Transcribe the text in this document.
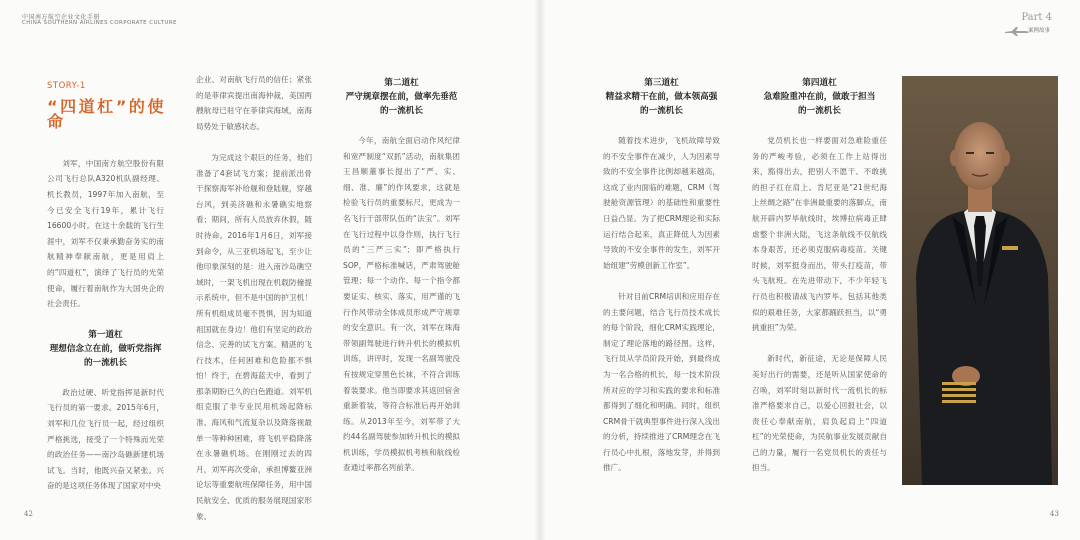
中国南方航空企业文化手册
CHINA SOUTHERN AIRLINES CORPORATE CULTURE	Part 4
案例故事
STORY-1
“四道杠”的使命

刘军，中国南方航空股份有限公司飞行总队A320机队副经理、机长教员，1997年加入南航，至今已安全飞行19年，累计飞行16600小时。在这十余载的飞行生涯中，刘军不仅秉承勤奋务实的南航精神奉献南航，更是用肩上的“四道杠”，演绎了飞行员的光荣使命，履行着南航作为大国央企的社会责任。

第一道杠
理想信念立在前，做听党指挥
的一流机长

政治过硬、听党指挥是新时代飞行员的第一要求。2015年6月，刘军和几位飞行员一起，经过组织严格挑选，接受了一个特殊而光荣的政治任务——南沙岛礁新建机场试飞。当时，他既兴奋又紧张。兴奋的是这项任务体现了国家对中央

企业、对南航飞行员的信任；紧张的是菲律宾提出南海仲裁，美国两艘航母已驻守在菲律宾海域，南海局势处于敏感状态。

为完成这个艰巨的任务，他们准备了4套试飞方案；提前派出骨干探察海军补给舰和登陆舰，穿越台风，到美济礁和永暑礁实地察看；期间，所有人员放弃休假，随时待命。2016年1月6日，刘军接到命令，从三亚机场起飞，至少让他印象深刻的是：进入南沙岛礁空域时，一架飞机出现在机载防撞提示系统中，但不是中国的护卫机！所有机组成员毫不畏惧，因为知道祖国就在身边！他们有坚定的政治信念、完善的试飞方案、精湛的飞行技术，任何困难和危险都不惧怕！终于，在碧海蓝天中，看到了那条期盼已久的白色跑道。刘军机组克服了非专业民用机场起降标准、海风和气流复杂以及降落视最单一等种种困难，将飞机平稳降落在永暑礁机场。在刚刚过去的四月，刘军再次受命，承担博鳌亚洲论坛等重要航班保障任务，用中国民航安全、优质的服务展现国家形象。

第二道杠
严守规章摆在前，做率先垂范
的一流机长

今年，南航全面启动作风纪律和宽严制度“双抓”活动，南航集团王昌顺董事长提出了“严、实、细、准、廉”的作风要求，这就是检验飞行员的重要标尺，更成为一名飞行干部带队伍的“法宝”。刘军在飞行过程中以身作则，执行飞行员的“三严三实”；即严格执行SOP，严格标准喊话，严肃驾驶舱管理；每一个动作、每一个指令都要证实、核实、落实，用严谨的飞行作风带动全体成员形成严守规章的安全意识。有一次，刘军在珠海带领副驾驶进行转升机长的模拟机训练，讲评时，发现一名副驾驶没有按规定穿黑色长袜，不符合训练着装要求。他当即要求其返回宿舍重新着装，等符合标准后再开始训练。从2013年至今，刘军带了大约44名副驾驶参加转升机长的模拟机训练，学员模拟机考核和航线检查通过率都名列前茅。

第三道杠
精益求精干在前，做本领高强
的一流机长

随着技术进步，飞机故障导致的不安全事件在减少，人为因素导致的不安全事件比例却越来越高，这成了业内面临的难题，CRM（驾驶舱资源管理）的基础性和重要性日益凸显。为了把CRM理论和实际运行结合起来，真正降低人为因素导致的不安全事件的发生，刘军开始组建“劳模创新工作室”。

针对目前CRM培训和应用存在的主要问题，结合飞行员技术成长的每个阶段，细化CRM实践理论，制定了理论落地的路径图。这样，飞行员从学员阶段开始，到最终成为一名合格的机长，每一技术阶段所对应的学习和实践的要求和标准都得到了细化和明确。同时，组织CRM骨干就典型事件进行深入浅出的分析，持续推进了CRM理念在飞行员心中扎根，落地发芽，并得到推广。

第四道杠
急难险重冲在前，做敢于担当
的一流机长

党员机长也一样要面对急难险重任务的严峻考验，必须在工作上站得出来，豁得出去，把别人不愿干、不敢挑的担子扛在肩上。肯尼亚是“21世纪海上丝绸之路”在非洲最重要的落脚点，南航开辟内罗毕航线时，埃博拉病毒正肆虐整个非洲大陆，飞这条航线不仅航线本身艰苦，还必须克服病毒疫苗。关键时候，刘军挺身而出，带头打疫苗，带头飞航班。在先进带动下，不少年轻飞行员也积极请战飞内罗毕。包括其他类似的艰难任务，大家都踊跃担当，以“勇挑重担”为荣。

新时代，新征途，无论是保障人民美好出行的需要，还是听从国家使命的召唤，刘军时刻以新时代一流机长的标准严格要求自己，以爱心回报社会，以责任心奉献南航，肩负起肩上“四道杠”的光荣使命，为民航事业发展贡献自己的力量，履行一名党员机长的责任与担当。

42	43
